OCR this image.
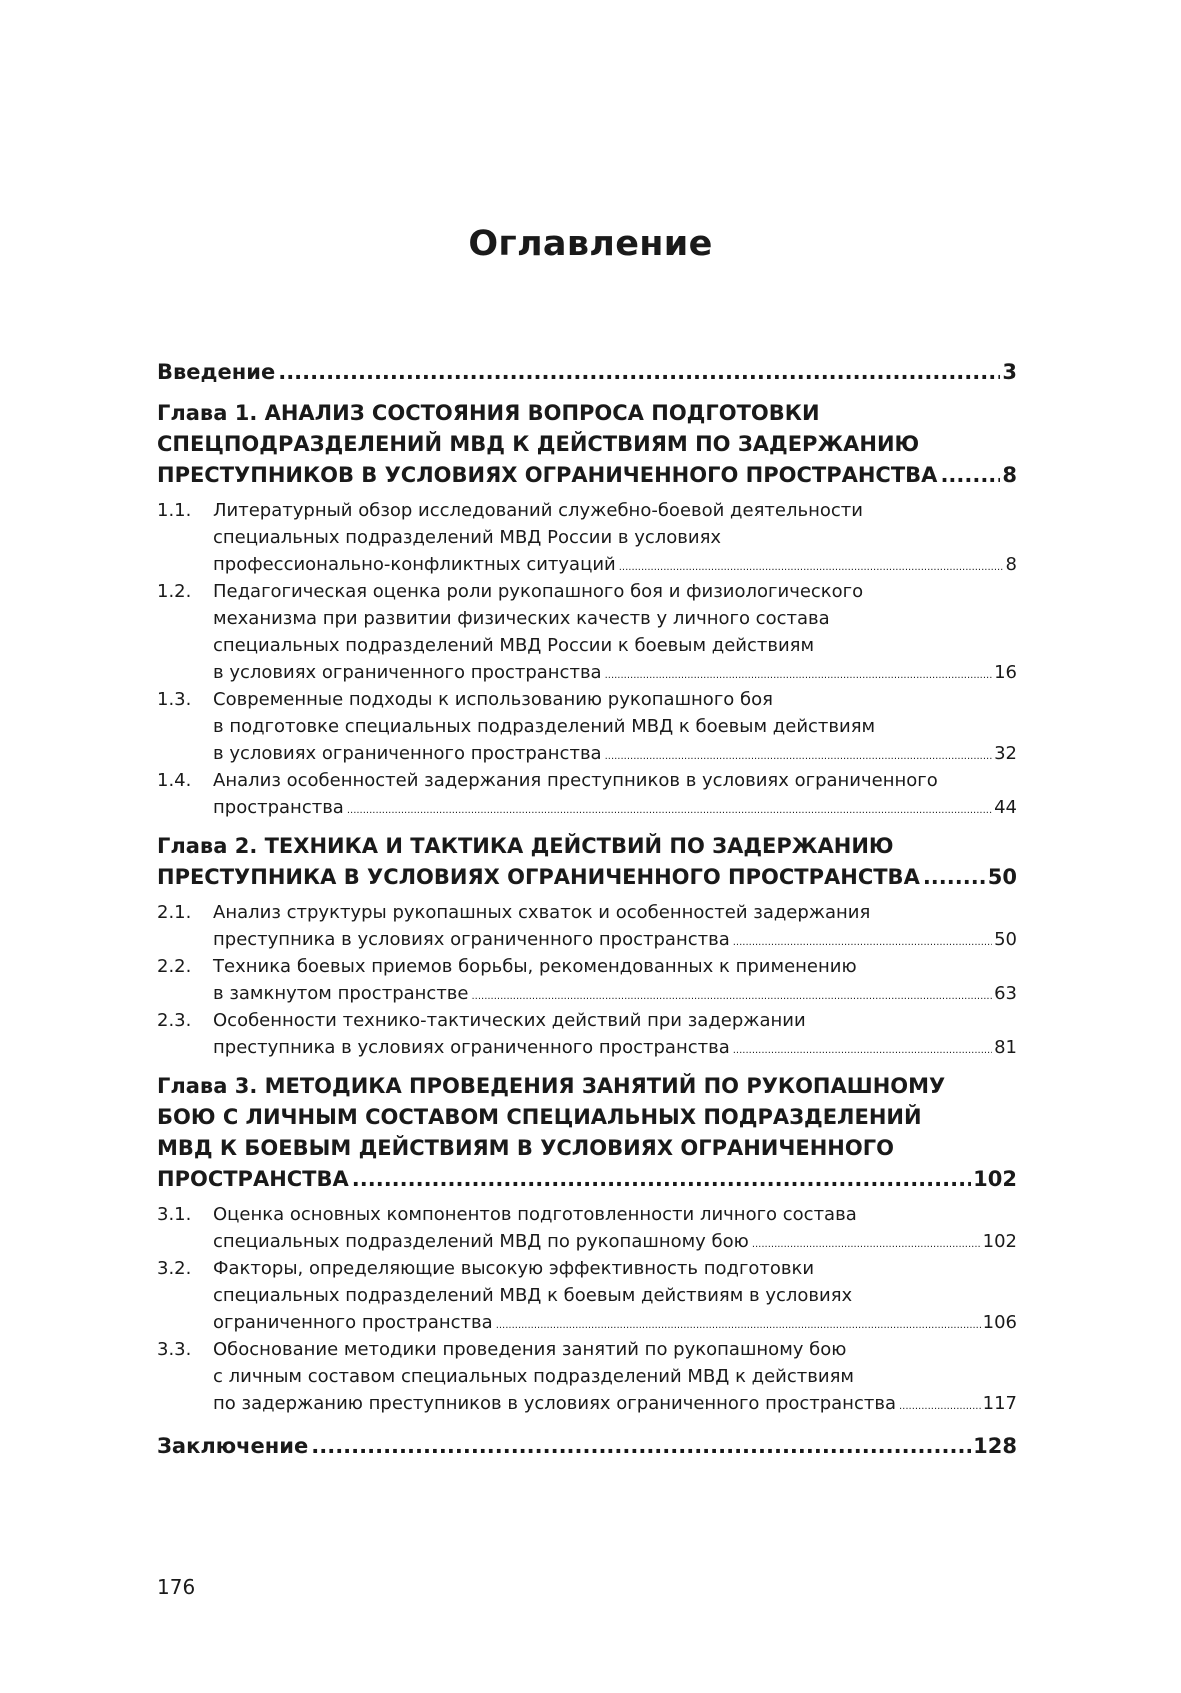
Оглавление
Введение .....	3
Глава 1. АНАЛИЗ СОСТОЯНИЯ ВОПРОСА ПОДГОТОВКИ
СПЕЦПОДРАЗДЕЛЕНИЙ МВД К ДЕЙСТВИЯМ ПО ЗАДЕРЖАНИЮ
ПРЕСТУПНИКОВ В УСЛОВИЯХ ОГРАНИЧЕННОГО ПРОСТРАНСТВА .....	8
1.1. Литературный обзор исследований служебно-боевой деятельности
специальных подразделений МВД России в условиях
профессионально-конфликтных ситуаций .....	8
1.2. Педагогическая оценка роли рукопашного боя и физиологического
механизма при развитии физических качеств у личного состава
специальных подразделений МВД России к боевым действиям
в условиях ограниченного пространства .....	16
1.3. Современные подходы к использованию рукопашного боя
в подготовке специальных подразделений МВД к боевым действиям
в условиях ограниченного пространства .....	32
1.4. Анализ особенностей задержания преступников в условиях ограниченного
пространства .....	44
Глава 2. ТЕХНИКА И ТАКТИКА ДЕЙСТВИЙ ПО ЗАДЕРЖАНИЮ
ПРЕСТУПНИКА В УСЛОВИЯХ ОГРАНИЧЕННОГО ПРОСТРАНСТВА .....	50
2.1. Анализ структуры рукопашных схваток и особенностей задержания
преступника в условиях ограниченного пространства .....	50
2.2. Техника боевых приемов борьбы, рекомендованных к применению
в замкнутом пространстве .....	63
2.3. Особенности технико-тактических действий при задержании
преступника в условиях ограниченного пространства .....	81
Глава 3. МЕТОДИКА ПРОВЕДЕНИЯ ЗАНЯТИЙ ПО РУКОПАШНОМУ
БОЮ С ЛИЧНЫМ СОСТАВОМ СПЕЦИАЛЬНЫХ ПОДРАЗДЕЛЕНИЙ
МВД К БОЕВЫМ ДЕЙСТВИЯМ В УСЛОВИЯХ ОГРАНИЧЕННОГО
ПРОСТРАНСТВА .....	102
3.1. Оценка основных компонентов подготовленности личного состава
специальных подразделений МВД по рукопашному бою .....	102
3.2. Факторы, определяющие высокую эффективность подготовки
специальных подразделений МВД к боевым действиям в условиях
ограниченного пространства .....	106
3.3. Обоснование методики проведения занятий по рукопашному бою
с личным составом специальных подразделений МВД к действиям
по задержанию преступников в условиях ограниченного пространства .....	117
Заключение .....	128
176
